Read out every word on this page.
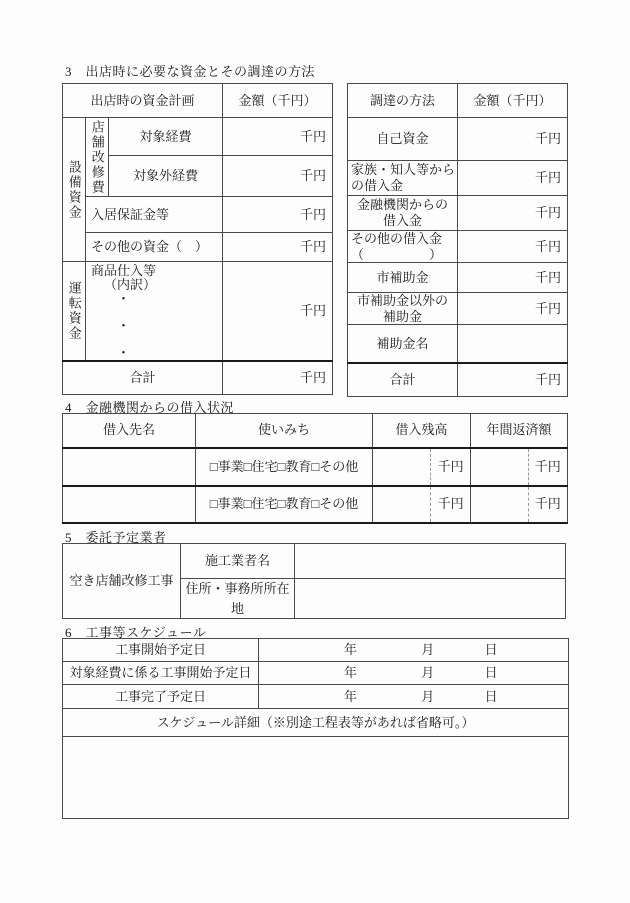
3　出店時に必要な資金とその調達の方法
出店時の資金計画			金額（千円）
設備資金	店舗改修費	対象経費	千円
		対象外経費	千円
	入居保証金等		千円
	その他の資金（　）		千円
運転資金	商品仕入等
（内訳）
・
・
・		千円
合計			千円
調達の方法	金額（千円）

自己資金	千円

家族・知人等から
の借入金	千円

金融機関からの
借入金	千円

その他の借入金
（　　　　　）	千円

市補助金	千円

市補助金以外の
補助金	千円
補助金名	
合計	千円
4　金融機関からの借入状況
借入先名	使いみち	借入残高	年間返済額
	□事業□住宅□教育□その他	千円	千円

	□事業□住宅□教育□その他	千円	千円
5　委託予定業者
空き店舗改修工事	施工業者名	
	住所・事務所所在地	
6　工事等スケジュール
工事開始予定日	年 月 日

対象経費に係る工事開始予定日	年 月 日

工事完了予定日	年 月 日

スケジュール詳細（※別途工程表等があれば省略可。）	
